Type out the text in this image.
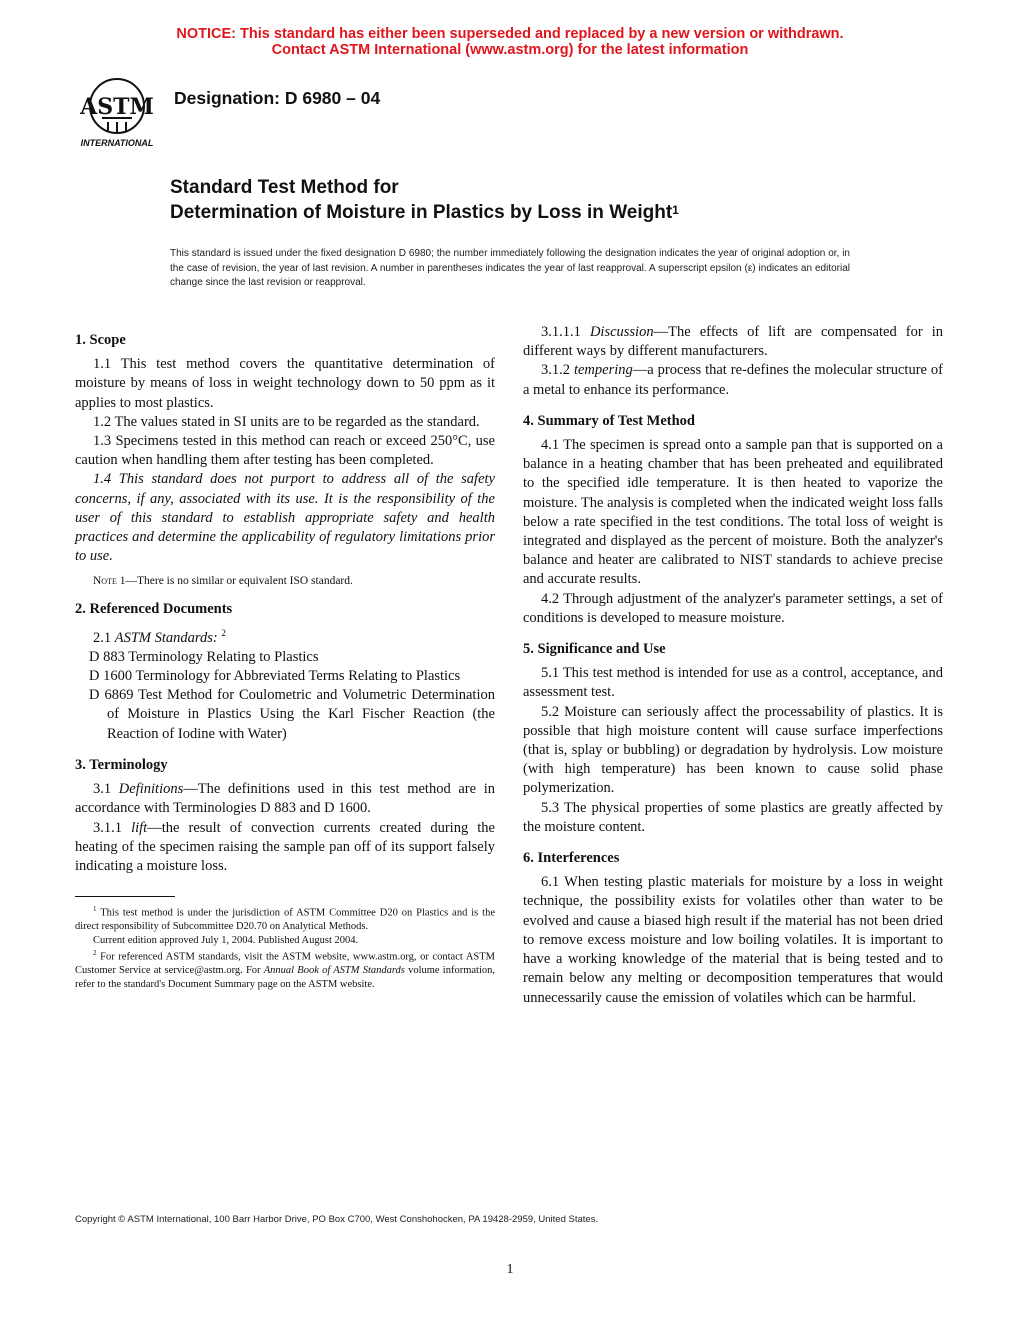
NOTICE: This standard has either been superseded and replaced by a new version or withdrawn.
Contact ASTM International (www.astm.org) for the latest information
ASTM
INTERNATIONAL
Designation: D 6980 – 04
Standard Test Method for
Determination of Moisture in Plastics by Loss in Weight$^1$
This standard is issued under the fixed designation D 6980; the number immediately following the designation indicates the year of original adoption or, in the case of revision, the year of last revision. A number in parentheses indicates the year of last reapproval. A superscript epsilon (ε) indicates an editorial change since the last revision or reapproval.
1. Scope

1.1 This test method covers the quantitative determination of moisture by means of loss in weight technology down to 50 ppm as it applies to most plastics.

1.2 The values stated in SI units are to be regarded as the standard.

1.3 Specimens tested in this method can reach or exceed 250°C, use caution when handling them after testing has been completed.

1.4 This standard does not purport to address all of the safety concerns, if any, associated with its use. It is the responsibility of the user of this standard to establish appropriate safety and health practices and determine the applicability of regulatory limitations prior to use.

Note 1—There is no similar or equivalent ISO standard.

2. Referenced Documents

2.1 ASTM Standards: $^2$

D 883 Terminology Relating to Plastics

D 1600 Terminology for Abbreviated Terms Relating to Plastics

D 6869 Test Method for Coulometric and Volumetric Determination of Moisture in Plastics Using the Karl Fischer Reaction (the Reaction of Iodine with Water)

3. Terminology

3.1 Definitions—The definitions used in this test method are in accordance with Terminologies D 883 and D 1600.

3.1.1 lift—the result of convection currents created during the heating of the specimen raising the sample pan off of its support falsely indicating a moisture loss.

$^1$ This test method is under the jurisdiction of ASTM Committee D20 on Plastics and is the direct responsibility of Subcommittee D20.70 on Analytical Methods.

Current edition approved July 1, 2004. Published August 2004.

$^2$ For referenced ASTM standards, visit the ASTM website, www.astm.org, or contact ASTM Customer Service at service@astm.org. For Annual Book of ASTM Standards volume information, refer to the standard's Document Summary page on the ASTM website.

3.1.1.1 Discussion—The effects of lift are compensated for in different ways by different manufacturers.

3.1.2 tempering—a process that re-defines the molecular structure of a metal to enhance its performance.

4. Summary of Test Method

4.1 The specimen is spread onto a sample pan that is supported on a balance in a heating chamber that has been preheated and equilibrated to the specified idle temperature. It is then heated to vaporize the moisture. The analysis is completed when the indicated weight loss falls below a rate specified in the test conditions. The total loss of weight is integrated and displayed as the percent of moisture. Both the analyzer's balance and heater are calibrated to NIST standards to achieve precise and accurate results.

4.2 Through adjustment of the analyzer's parameter settings, a set of conditions is developed to measure moisture.

5. Significance and Use

5.1 This test method is intended for use as a control, acceptance, and assessment test.

5.2 Moisture can seriously affect the processability of plastics. It is possible that high moisture content will cause surface imperfections (that is, splay or bubbling) or degradation by hydrolysis. Low moisture (with high temperature) has been known to cause solid phase polymerization.

5.3 The physical properties of some plastics are greatly affected by the moisture content.

6. Interferences

6.1 When testing plastic materials for moisture by a loss in weight technique, the possibility exists for volatiles other than water to be evolved and cause a biased high result if the material has not been dried to remove excess moisture and low boiling volatiles. It is important to have a working knowledge of the material that is being tested and to remain below any melting or decomposition temperatures that would unnecessarily cause the emission of volatiles which can be harmful.

Copyright © ASTM International, 100 Barr Harbor Drive, PO Box C700, West Conshohocken, PA 19428-2959, United States.
1
